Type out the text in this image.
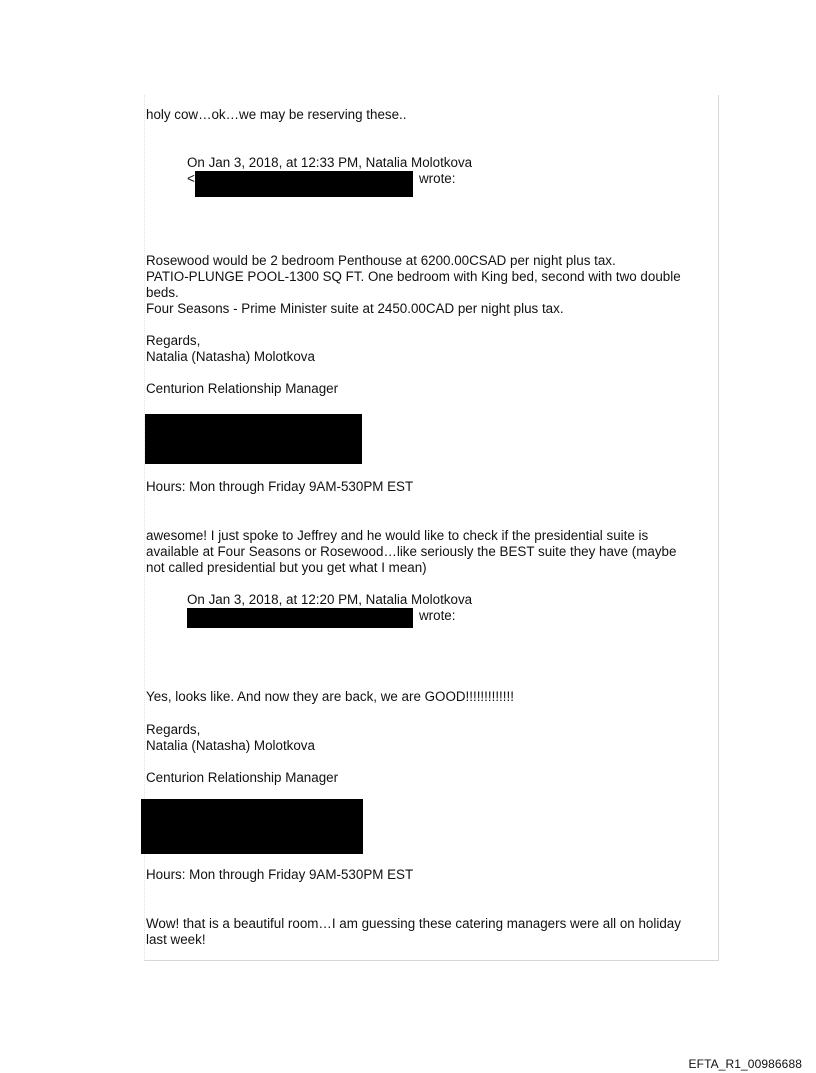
holy cow…ok…we may be reserving these..

On Jan 3, 2018, at 12:33 PM, Natalia Molotkova

<	wrote:

Rosewood would be 2 bedroom Penthouse at 6200.00CSAD per night plus tax.

PATIO-PLUNGE POOL-1300 SQ FT. One bedroom with King bed, second with two double

beds.

Four Seasons - Prime Minister suite at 2450.00CAD per night plus tax.

Regards,

Natalia (Natasha) Molotkova

Centurion Relationship Manager

Hours: Mon through Friday 9AM-530PM EST

awesome! I just spoke to Jeffrey and he would like to check if the presidential suite is

available at Four Seasons or Rosewood…like seriously the BEST suite they have (maybe

not called presidential but you get what I mean)

On Jan 3, 2018, at 12:20 PM, Natalia Molotkova

wrote:

Yes, looks like. And now they are back, we are GOOD!!!!!!!!!!!!!

Regards,

Natalia (Natasha) Molotkova

Centurion Relationship Manager

Hours: Mon through Friday 9AM-530PM EST

Wow! that is a beautiful room…I am guessing these catering managers were all on holiday

last week!

EFTA_R1_00986688
